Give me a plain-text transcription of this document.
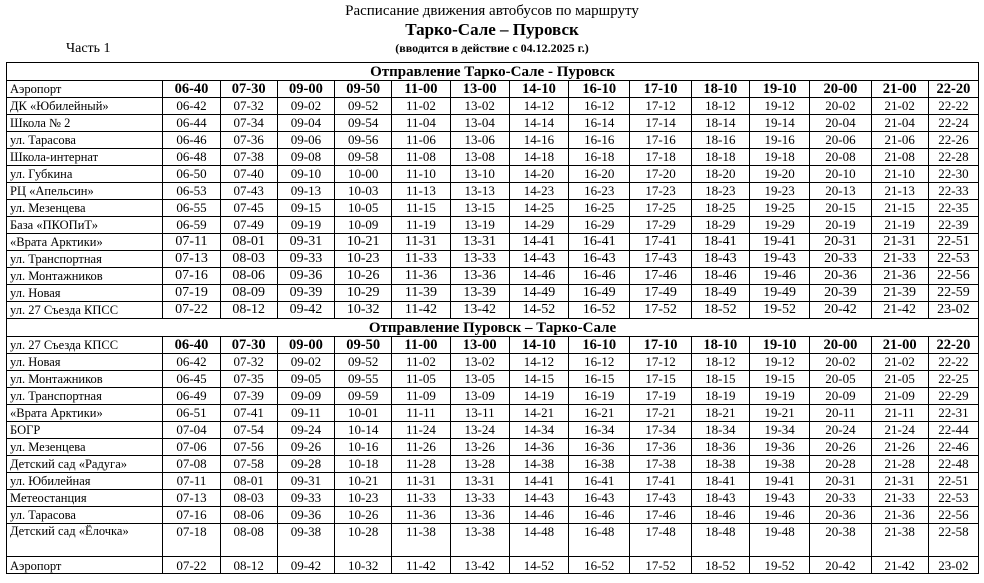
Расписание движения автобусов по маршруту
Тарко-Сале – Пуровск
(вводится в действие с 04.12.2025 г.)
Часть 1
Отправление Тарко-Сале - Пуровск														
Аэропорт	06-40	07-30	09-00	09-50	11-00	13-00	14-10	16-10	17-10	18-10	19-10	20-00	21-00	22-20
ДК «Юбилейный»	06-42	07-32	09-02	09-52	11-02	13-02	14-12	16-12	17-12	18-12	19-12	20-02	21-02	22-22
Школа № 2	06-44	07-34	09-04	09-54	11-04	13-04	14-14	16-14	17-14	18-14	19-14	20-04	21-04	22-24
ул. Тарасова	06-46	07-36	09-06	09-56	11-06	13-06	14-16	16-16	17-16	18-16	19-16	20-06	21-06	22-26
Школа-интернат	06-48	07-38	09-08	09-58	11-08	13-08	14-18	16-18	17-18	18-18	19-18	20-08	21-08	22-28
ул. Губкина	06-50	07-40	09-10	10-00	11-10	13-10	14-20	16-20	17-20	18-20	19-20	20-10	21-10	22-30
РЦ «Апельсин»	06-53	07-43	09-13	10-03	11-13	13-13	14-23	16-23	17-23	18-23	19-23	20-13	21-13	22-33
ул. Мезенцева	06-55	07-45	09-15	10-05	11-15	13-15	14-25	16-25	17-25	18-25	19-25	20-15	21-15	22-35
База «ПКОПиТ»	06-59	07-49	09-19	10-09	11-19	13-19	14-29	16-29	17-29	18-29	19-29	20-19	21-19	22-39
«Врата Арктики»	07-11	08-01	09-31	10-21	11-31	13-31	14-41	16-41	17-41	18-41	19-41	20-31	21-31	22-51
ул. Транспортная	07-13	08-03	09-33	10-23	11-33	13-33	14-43	16-43	17-43	18-43	19-43	20-33	21-33	22-53
ул. Монтажников	07-16	08-06	09-36	10-26	11-36	13-36	14-46	16-46	17-46	18-46	19-46	20-36	21-36	22-56
ул. Новая	07-19	08-09	09-39	10-29	11-39	13-39	14-49	16-49	17-49	18-49	19-49	20-39	21-39	22-59
ул. 27 Съезда КПСС	07-22	08-12	09-42	10-32	11-42	13-42	14-52	16-52	17-52	18-52	19-52	20-42	21-42	23-02
Отправление Пуровск – Тарко-Сале														
ул. 27 Съезда КПСС	06-40	07-30	09-00	09-50	11-00	13-00	14-10	16-10	17-10	18-10	19-10	20-00	21-00	22-20
ул. Новая	06-42	07-32	09-02	09-52	11-02	13-02	14-12	16-12	17-12	18-12	19-12	20-02	21-02	22-22
ул. Монтажников	06-45	07-35	09-05	09-55	11-05	13-05	14-15	16-15	17-15	18-15	19-15	20-05	21-05	22-25
ул. Транспортная	06-49	07-39	09-09	09-59	11-09	13-09	14-19	16-19	17-19	18-19	19-19	20-09	21-09	22-29
«Врата Арктики»	06-51	07-41	09-11	10-01	11-11	13-11	14-21	16-21	17-21	18-21	19-21	20-11	21-11	22-31
БОГР	07-04	07-54	09-24	10-14	11-24	13-24	14-34	16-34	17-34	18-34	19-34	20-24	21-24	22-44
ул. Мезенцева	07-06	07-56	09-26	10-16	11-26	13-26	14-36	16-36	17-36	18-36	19-36	20-26	21-26	22-46
Детский сад «Радуга»	07-08	07-58	09-28	10-18	11-28	13-28	14-38	16-38	17-38	18-38	19-38	20-28	21-28	22-48
ул. Юбилейная	07-11	08-01	09-31	10-21	11-31	13-31	14-41	16-41	17-41	18-41	19-41	20-31	21-31	22-51
Метеостанция	07-13	08-03	09-33	10-23	11-33	13-33	14-43	16-43	17-43	18-43	19-43	20-33	21-33	22-53
ул. Тарасова	07-16	08-06	09-36	10-26	11-36	13-36	14-46	16-46	17-46	18-46	19-46	20-36	21-36	22-56
Детский сад «Ёлочка»	07-18	08-08	09-38	10-28	11-38	13-38	14-48	16-48	17-48	18-48	19-48	20-38	21-38	22-58
Аэропорт	07-22	08-12	09-42	10-32	11-42	13-42	14-52	16-52	17-52	18-52	19-52	20-42	21-42	23-02
